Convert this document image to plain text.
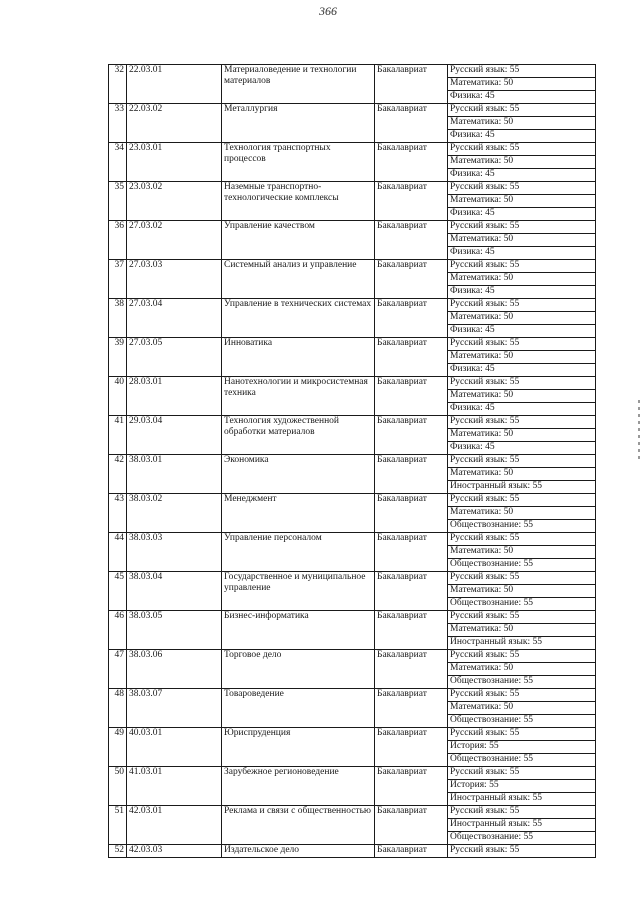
366
32	22.03.01	Материаловедение и технологии материалов	Бакалавриат	Русский язык: 55
				Математика: 50
				Физика: 45
33	22.03.02	Металлургия	Бакалавриат	Русский язык: 55
				Математика: 50
				Физика: 45
34	23.03.01	Технология транспортных процессов	Бакалавриат	Русский язык: 55
				Математика: 50
				Физика: 45
35	23.03.02	Наземные транспортно-технологические комплексы	Бакалавриат	Русский язык: 55
				Математика: 50
				Физика: 45
36	27.03.02	Управление качеством	Бакалавриат	Русский язык: 55
				Математика: 50
				Физика: 45
37	27.03.03	Системный анализ и управление	Бакалавриат	Русский язык: 55
				Математика: 50
				Физика: 45
38	27.03.04	Управление в технических системах	Бакалавриат	Русский язык: 55
				Математика: 50
				Физика: 45
39	27.03.05	Инноватика	Бакалавриат	Русский язык: 55
				Математика: 50
				Физика: 45
40	28.03.01	Нанотехнологии и микросистемная техника	Бакалавриат	Русский язык: 55
				Математика: 50
				Физика: 45
41	29.03.04	Технология художественной обработки материалов	Бакалавриат	Русский язык: 55
				Математика: 50
				Физика: 45
42	38.03.01	Экономика	Бакалавриат	Русский язык: 55
				Математика: 50
				Иностранный язык: 55
43	38.03.02	Менеджмент	Бакалавриат	Русский язык: 55
				Математика: 50
				Обществознание: 55
44	38.03.03	Управление персоналом	Бакалавриат	Русский язык: 55
				Математика: 50
				Обществознание: 55
45	38.03.04	Государственное и муниципальное управление	Бакалавриат	Русский язык: 55
				Математика: 50
				Обществознание: 55
46	38.03.05	Бизнес-информатика	Бакалавриат	Русский язык: 55
				Математика: 50
				Иностранный язык: 55
47	38.03.06	Торговое дело	Бакалавриат	Русский язык: 55
				Математика: 50
				Обществознание: 55
48	38.03.07	Товароведение	Бакалавриат	Русский язык: 55
				Математика: 50
				Обществознание: 55
49	40.03.01	Юриспруденция	Бакалавриат	Русский язык: 55
				История: 55
				Обществознание: 55
50	41.03.01	Зарубежное регионоведение	Бакалавриат	Русский язык: 55
				История: 55
				Иностранный язык: 55
51	42.03.01	Реклама и связи с общественностью	Бакалавриат	Русский язык: 55
				Иностранный язык: 55
				Обществознание: 55
52	42.03.03	Издательское дело	Бакалавриат	Русский язык: 55
